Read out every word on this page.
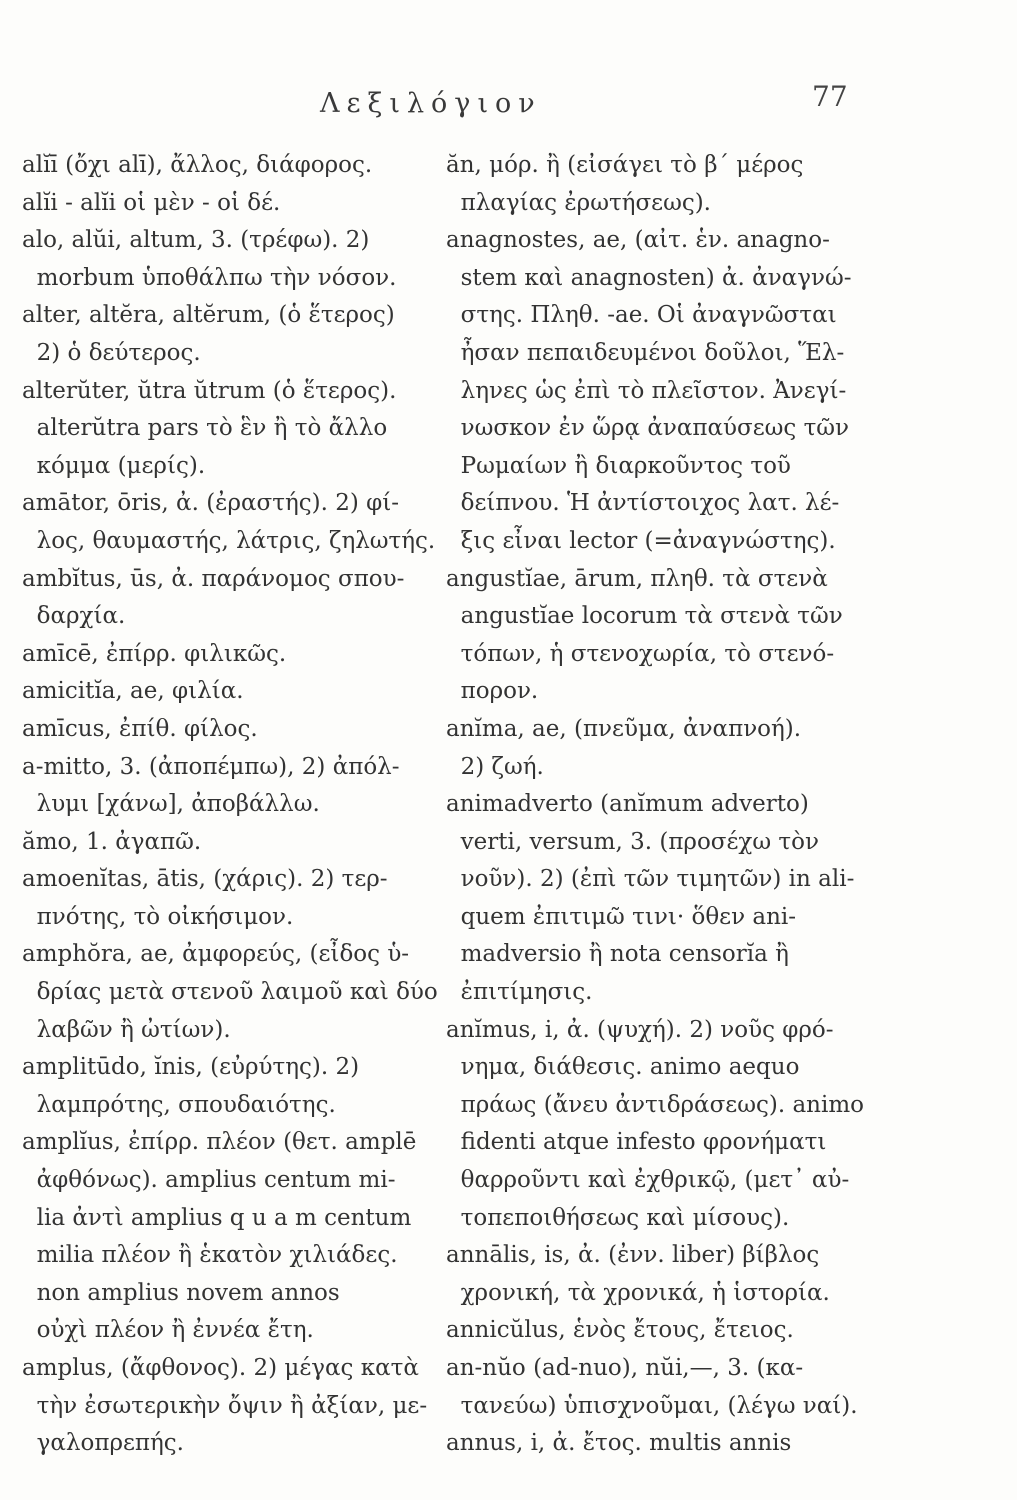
Λεξιλόγιον	77
alĭī (ὄχι alī), ἄλλος, διάφορος.
alĭi - alĭi οἱ μὲν - οἱ δέ.
alo, alŭi, altum, 3. (τρέφω). 2)
morbum ὑποθάλπω τὴν νόσον.
alter, altĕra, altĕrum, (ὁ ἕτερος)
2) ὁ δεύτερος.
alterŭter, ŭtra ŭtrum (ὁ ἕτερος).
alterŭtra pars τὸ ἓν ἢ τὸ ἄλλο
κόμμα (μερίς).
amātor, ōris, ἀ. (ἐραστής). 2) φί-
λος, θαυμαστής, λάτρις, ζηλωτής.
ambĭtus, ūs, ἀ. παράνομος σπου-
δαρχία.
amīcē, ἐπίρρ. φιλικῶς.
amicitĭa, ae, φιλία.
amīcus, ἐπίθ. φίλος.
a-mitto, 3. (ἀποπέμπω), 2) ἀπόλ-
λυμι [χάνω], ἀποβάλλω.
ămo, 1. ἀγαπῶ.
amoenĭtas, ātis, (χάρις). 2) τερ-
πνότης, τὸ οἰκήσιμον.
amphŏra, ae, ἀμφορεύς, (εἶδος ὑ-
δρίας μετὰ στενοῦ λαιμοῦ καὶ δύο
λαβῶν ἢ ὠτίων).
amplitūdo, ĭnis, (εὐρύτης). 2)
λαμπρότης, σπουδαιότης.
amplĭus, ἐπίρρ. πλέον (θετ. amplē
ἀφθόνως). amplius centum mi-
lia ἀντὶ amplius q u a m centum
milia πλέον ἢ ἑκατὸν χιλιάδες.
non amplius novem annos
οὐχὶ πλέον ἢ ἐννέα ἔτη.
amplus, (ἄφθονος). 2) μέγας κατὰ
τὴν ἐσωτερικὴν ὄψιν ἢ ἀξίαν, με-
γαλοπρεπής.
ăn, μόρ. ἢ (εἰσάγει τὸ β΄ μέρος
πλαγίας ἐρωτήσεως).
anagnostes, ae, (αἰτ. ἑν. anagno-
stem καὶ anagnosten) ἀ. ἀναγνώ-
στης. Πληθ. -ae. Οἱ ἀναγνῶσται
ἦσαν πεπαιδευμένοι δοῦλοι, Ἕλ-
ληνες ὡς ἐπὶ τὸ πλεῖστον. Ἀνεγί-
νωσκον ἐν ὥρᾳ ἀναπαύσεως τῶν
Ρωμαίων ἢ διαρκοῦντος τοῦ
δείπνου. Ἡ ἀντίστοιχος λατ. λέ-
ξις εἶναι lector (=ἀναγνώστης).
angustĭae, ārum, πληθ. τὰ στενὰ
angustĭae locorum τὰ στενὰ τῶν
τόπων, ἡ στενοχωρία, τὸ στενό-
πορον.
anĭma, ae, (πνεῦμα, ἀναπνοή).
2) ζωή.
animadverto (anĭmum adverto)
verti, versum, 3. (προσέχω τὸν
νοῦν). 2) (ἐπὶ τῶν τιμητῶν) in ali-
quem ἐπιτιμῶ τινι· ὅθεν ani-
madversio ἢ nota censorĭa ἢ
ἐπιτίμησις.
anĭmus, i, ἀ. (ψυχή). 2) νοῦς φρό-
νημα, διάθεσις. animo aequo
πράως (ἄνευ ἀντιδράσεως). animo
fidenti atque infesto φρονήματι
θαρροῦντι καὶ ἐχθρικῷ, (μετ᾽ αὐ-
τοπεποιθήσεως καὶ μίσους).
annālis, is, ἀ. (ἐνν. liber) βίβλος
χρονική, τὰ χρονικά, ἡ ἱστορία.
annicŭlus, ἑνὸς ἔτους, ἔτειος.
an-nŭo (ad-nuo), nŭi,—, 3. (κα-
τανεύω) ὑπισχνοῦμαι, (λέγω ναί).
annus, i, ἀ. ἔτος. multis annis
